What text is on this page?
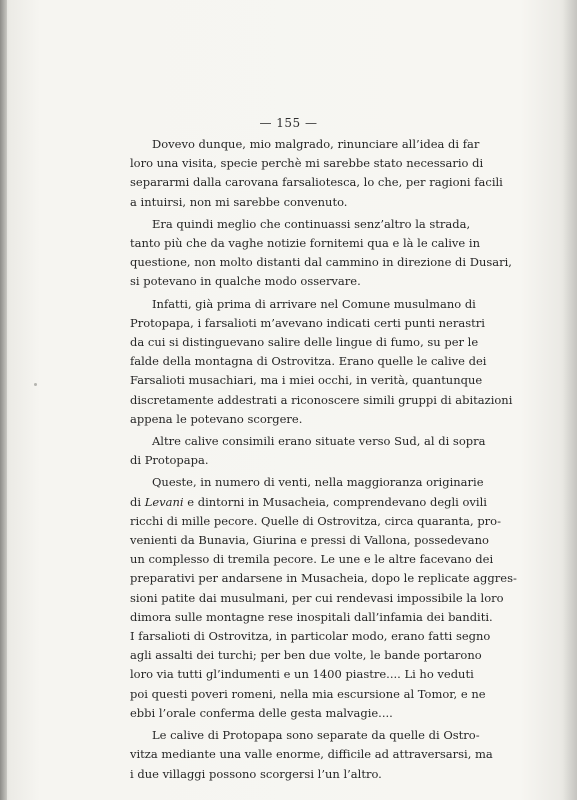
— 155 —
Dovevo dunque, mio malgrado, rinunciare all’idea di far
loro una visita, specie perchè mi sarebbe stato necessario di
separarmi dalla carovana farsaliotesca, lo che, per ragioni facili
a intuirsi, non mi sarebbe convenuto.
Era quindi meglio che continuassi senz’altro la strada,
tanto più che da vaghe notizie fornitemi qua e là le calive in
questione, non molto distanti dal cammino in direzione di Dusari,
si potevano in qualche modo osservare.
Infatti, già prima di arrivare nel Comune musulmano di
Protopapa, i farsalioti m’avevano indicati certi punti nerastri
da cui si distinguevano salire delle lingue di fumo, su per le
falde della montagna di Ostrovitza. Erano quelle le calive dei
Farsalioti musachiari, ma i miei occhi, in verità, quantunque
discretamente addestrati a riconoscere simili gruppi di abitazioni
appena le potevano scorgere.
Altre calive consimili erano situate verso Sud, al di sopra
di Protopapa.
Queste, in numero di venti, nella maggioranza originarie
di Levani e dintorni in Musacheia, comprendevano degli ovili
ricchi di mille pecore. Quelle di Ostrovitza, circa quaranta, pro-
venienti da Bunavia, Giurina e pressi di Vallona, possedevano
un complesso di tremila pecore. Le une e le altre facevano dei
preparativi per andarsene in Musacheia, dopo le replicate aggres-
sioni patite dai musulmani, per cui rendevasi impossibile la loro
dimora sulle montagne rese inospitali dall’infamia dei banditi.
I farsalioti di Ostrovitza, in particolar modo, erano fatti segno
agli assalti dei turchi; per ben due volte, le bande portarono
loro via tutti gl’indumenti e un 1400 piastre.... Li ho veduti
poi questi poveri romeni, nella mia escursione al Tomor, e ne
ebbi l’orale conferma delle gesta malvagie....
Le calive di Protopapa sono separate da quelle di Ostro-
vitza mediante una valle enorme, difficile ad attraversarsi, ma
i due villaggi possono scorgersi l’un l’altro.
